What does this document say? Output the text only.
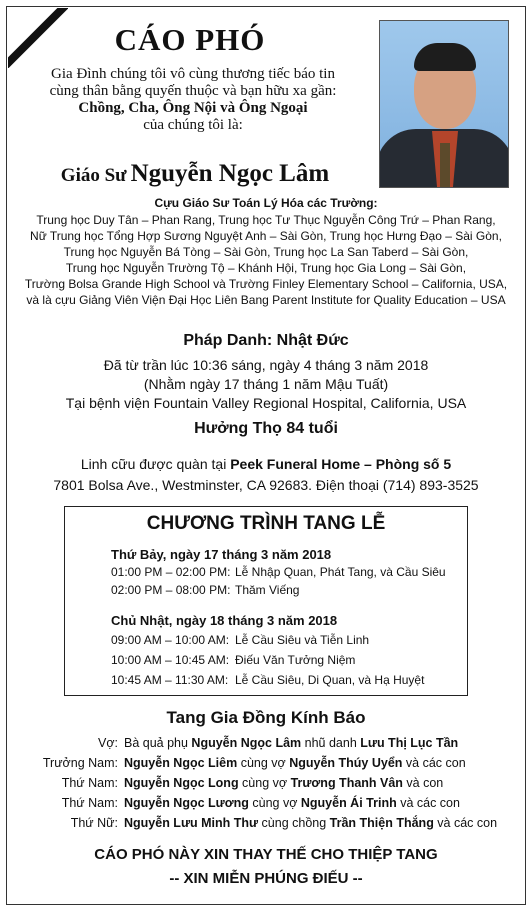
CÁO PHÓ
Gia Đình chúng tôi vô cùng thương tiếc báo tin
cùng thân bằng quyến thuộc và bạn hữu xa gần:
Chồng, Cha, Ông Nội và Ông Ngoại
của chúng tôi là:
Giáo Sư Nguyễn Ngọc Lâm
Cựu Giáo Sư Toán Lý Hóa các Trường:
Trung học Duy Tân – Phan Rang, Trung học Tư Thục Nguyễn Công Trứ – Phan Rang,
Nữ Trung học Tổng Hợp Sương Nguyệt Anh – Sài Gòn, Trung học Hưng Đạo – Sài Gòn,
Trung học Nguyễn Bá Tòng – Sài Gòn, Trung học La San Taberd – Sài Gòn,
Trung học Nguyễn Trường Tộ – Khánh Hội, Trung học Gia Long – Sài Gòn,
Trường Bolsa Grande High School và Trường Finley Elementary School – California, USA,
và là cựu Giảng Viên Viện Đại Học Liên Bang Parent Institute for Quality Education – USA
Pháp Danh: Nhật Đức
Đã từ trần lúc 10:36 sáng, ngày 4 tháng 3 năm 2018
(Nhằm ngày 17 tháng 1 năm Mậu Tuất)
Tại bệnh viện Fountain Valley Regional Hospital, California, USA
Hưởng Thọ 84 tuổi
Linh cữu được quàn tại Peek Funeral Home – Phòng số 5
7801 Bolsa Ave., Westminster, CA 92683. Điện thoại (714) 893-3525
CHƯƠNG TRÌNH TANG LỄ
Thứ Bảy, ngày 17 tháng 3 năm 2018
01:00 PM – 02:00 PM: Lễ Nhập Quan, Phát Tang, và Cầu Siêu
02:00 PM – 08:00 PM: Thăm Viếng
Chủ Nhật, ngày 18 tháng 3 năm 2018
09:00 AM – 10:00 AM: Lễ Cầu Siêu và Tiễn Linh
10:00 AM – 10:45 AM: Điếu Văn Tưởng Niệm
10:45 AM – 11:30 AM: Lễ Cầu Siêu, Di Quan, và Hạ Huyệt
Tang Gia Đồng Kính Báo
Vợ: Bà quả phụ Nguyễn Ngọc Lâm nhũ danh Lưu Thị Lục Tần
Trưởng Nam: Nguyễn Ngọc Liêm cùng vợ Nguyễn Thúy Uyển và các con
Thứ Nam: Nguyễn Ngọc Long cùng vợ Trương Thanh Vân và con
Thứ Nam: Nguyễn Ngọc Lương cùng vợ Nguyễn Ái Trinh và các con
Thứ Nữ: Nguyễn Lưu Minh Thư cùng chồng Trần Thiện Thắng và các con
CÁO PHÓ NÀY XIN THAY THẾ CHO THIỆP TANG
-- XIN MIỄN PHÚNG ĐIẾU --
